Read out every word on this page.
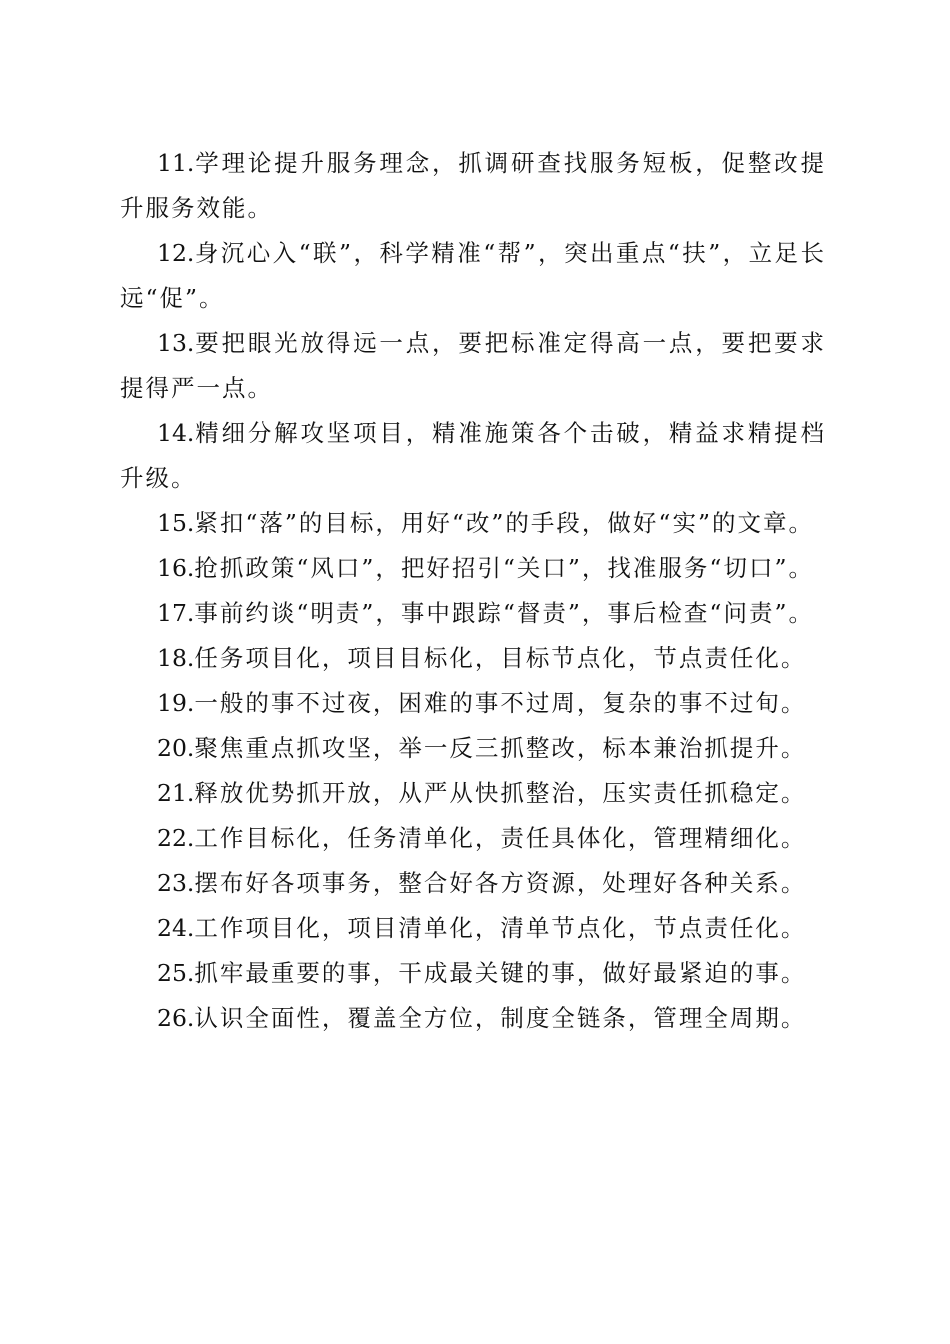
11.学理论提升服务理念，抓调研查找服务短板，促整改提升服务效能。

12.身沉心入“联”，科学精准“帮”，突出重点“扶”，立足长远“促”。

13.要把眼光放得远一点，要把标准定得高一点，要把要求提得严一点。

14.精细分解攻坚项目，精准施策各个击破，精益求精提档升级。

15.紧扣“落”的目标，用好“改”的手段，做好“实”的文章。

16.抢抓政策“风口”，把好招引“关口”，找准服务“切口”。

17.事前约谈“明责”，事中跟踪“督责”，事后检查“问责”。

18.任务项目化，项目目标化，目标节点化，节点责任化。

19.一般的事不过夜，困难的事不过周，复杂的事不过旬。

20.聚焦重点抓攻坚，举一反三抓整改，标本兼治抓提升。

21.释放优势抓开放，从严从快抓整治，压实责任抓稳定。

22.工作目标化，任务清单化，责任具体化，管理精细化。

23.摆布好各项事务，整合好各方资源，处理好各种关系。

24.工作项目化，项目清单化，清单节点化，节点责任化。

25.抓牢最重要的事，干成最关键的事，做好最紧迫的事。

26.认识全面性，覆盖全方位，制度全链条，管理全周期。
